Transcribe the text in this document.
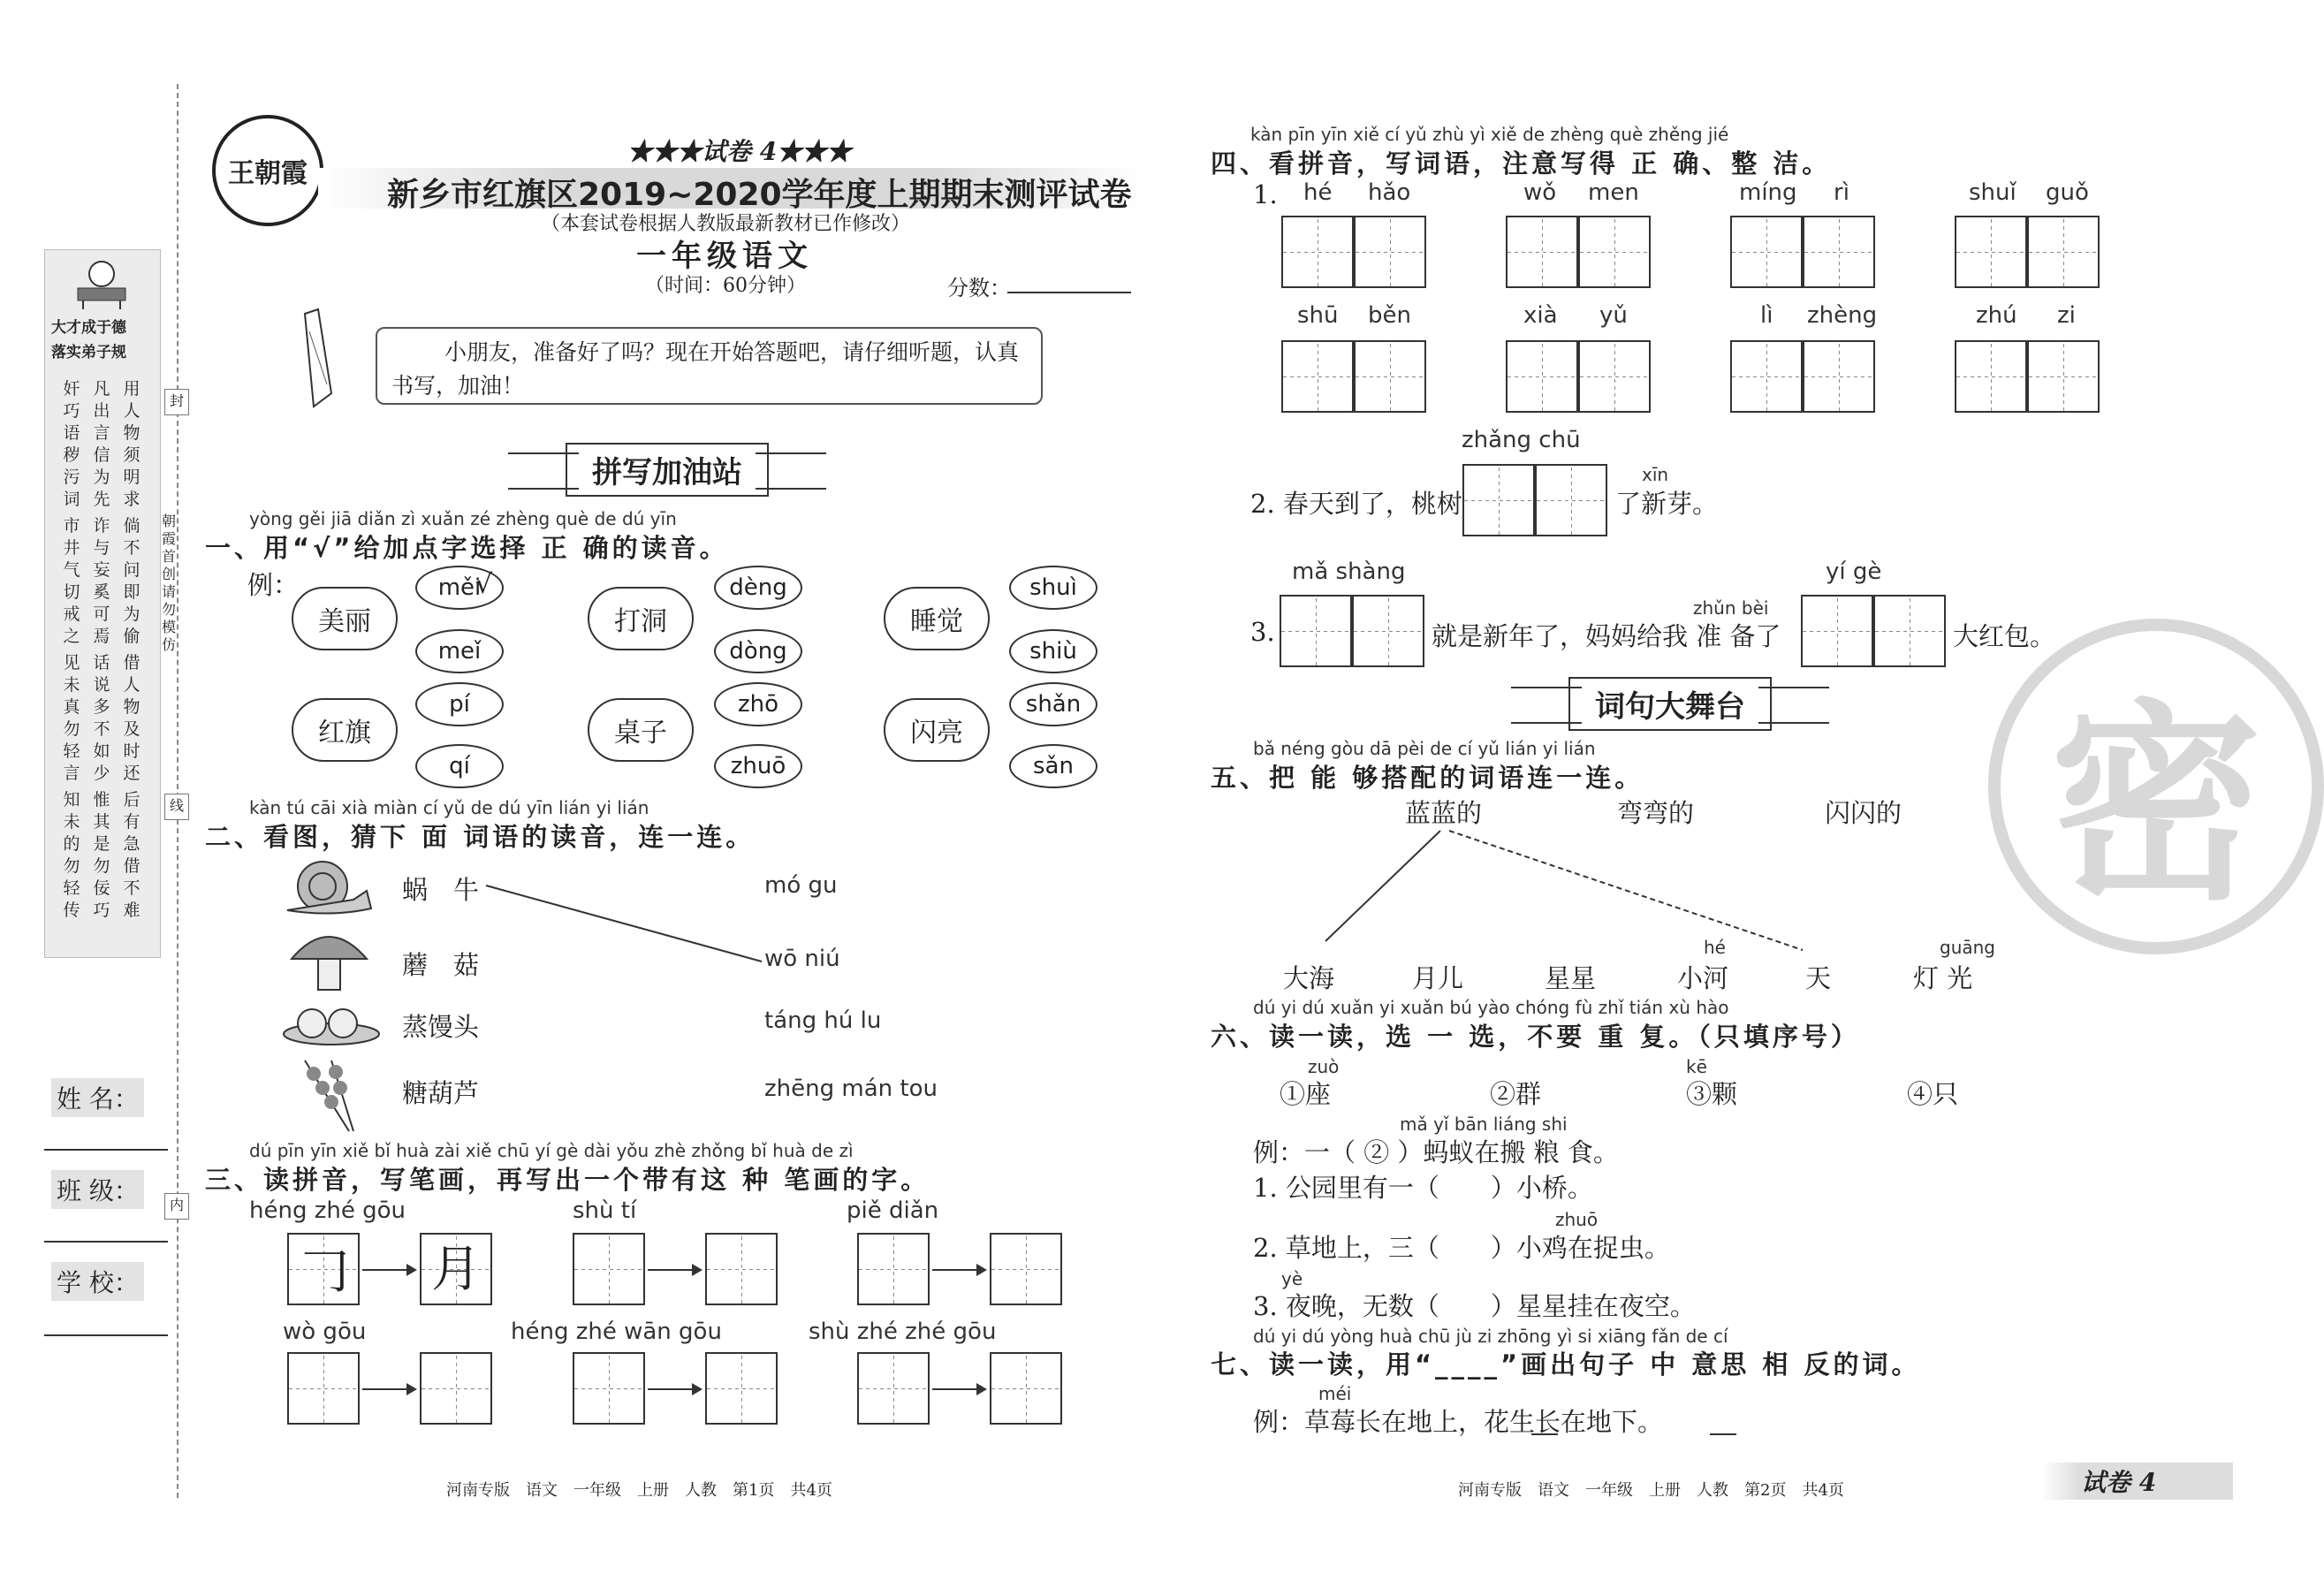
封
线
内
大才成于德
落实弟子规
奸巧语秽污词
市井气切戒之
见未真勿轻言
知未的勿轻传
凡出言信为先
诈与妄奚可焉
话说多不如少
惟其是勿佞巧
用人物须明求
倘不问即为偷
借人物及时还
后有急借不难
朝霞首创 请勿模仿
姓 名：
班 级：
学 校：
王朝霞
★★★试卷 4★★★
新乡市红旗区2019~2020学年度上期期末测评试卷
（本套试卷根据人教版最新教材已作修改）
一年级语文
（时间：60分钟）	分数：
小朋友，准备好了吗？现在开始答题吧，请仔细听题，认真书写，加油！
拼写加油站
yòng gěi jiā diǎn zì xuǎn zé zhèng què de dú yīn
一、用“√”给加点字选择 正 确的读音。
例：
美丽
měi
√
meǐ
打洞
dèng
dòng
睡觉
shuì
shiù
红旗
pí
qí
桌子
zhō
zhuō
闪亮
shǎn
sǎn
kàn tú cāi xià miàn cí yǔ de dú yīn lián yi lián
二、看图，猜下 面 词语的读音，连一连。
蜗　牛
蘑　菇
蒸馒头
糖葫芦
mó gu
wō niú
táng hú lu
zhēng mán tou
dú pīn yīn xiě bǐ huà zài xiě chū yí gè dài yǒu zhè zhǒng bǐ huà de zì
三、读拼音，写笔画，再写出一个带有这 种 笔画的字。
héng zhé gōu	shù tí	piě diǎn
wò gōu	héng zhé wān gōu	shù zhé zhé gōu
𠃌 月
河南专版　语文　一年级　上册　人教　第1页　共4页
kàn pīn yīn xiě cí yǔ zhù yì xiě de zhèng què zhěng jié
四、看拼音，写词语，注意写得 正 确、整 洁。
1. hé hǎo	wǒ men	míng rì	shuǐ guǒ
shū běn	xià yǔ	lì zhèng	zhú zi
zhǎng chū
2. 春天到了，桃树
xīn
了新芽。
mǎ shàng	yí gè
3.
zhǔn bèi
就是新年了，妈妈给我 准 备了	大红包。
词句大舞台 密
bǎ néng gòu dā pèi de cí yǔ lián yi lián
五、把 能 够搭配的词语连一连。
蓝蓝的	弯弯的	闪闪的
hé	guāng
大海	月儿	星星	小河	天	灯 光
dú yi dú xuǎn yi xuǎn bú yào chóng fù zhǐ tián xù hào
六、读一读，选 一 选，不要 重 复。（只填序号）
zuò	kē
①座	②群	③颗	④只
mǎ yǐ bān liáng shi
例：一（ ② ）蚂蚁在搬 粮 食。
1. 公园里有一（　　）小桥。
zhuō
2. 草地上，三（　　）小鸡在捉虫。
yè
3. 夜晚，无数（　　）星星挂在夜空。
dú yi dú yòng huà chū jù zi zhōng yì si xiāng fǎn de cí
七、读一读，用“____”画出句子 中 意思 相 反的词。
méi
例：草莓长在地上，花生长在地下。
河南专版　语文　一年级　上册　人教　第2页　共4页	试卷 4
